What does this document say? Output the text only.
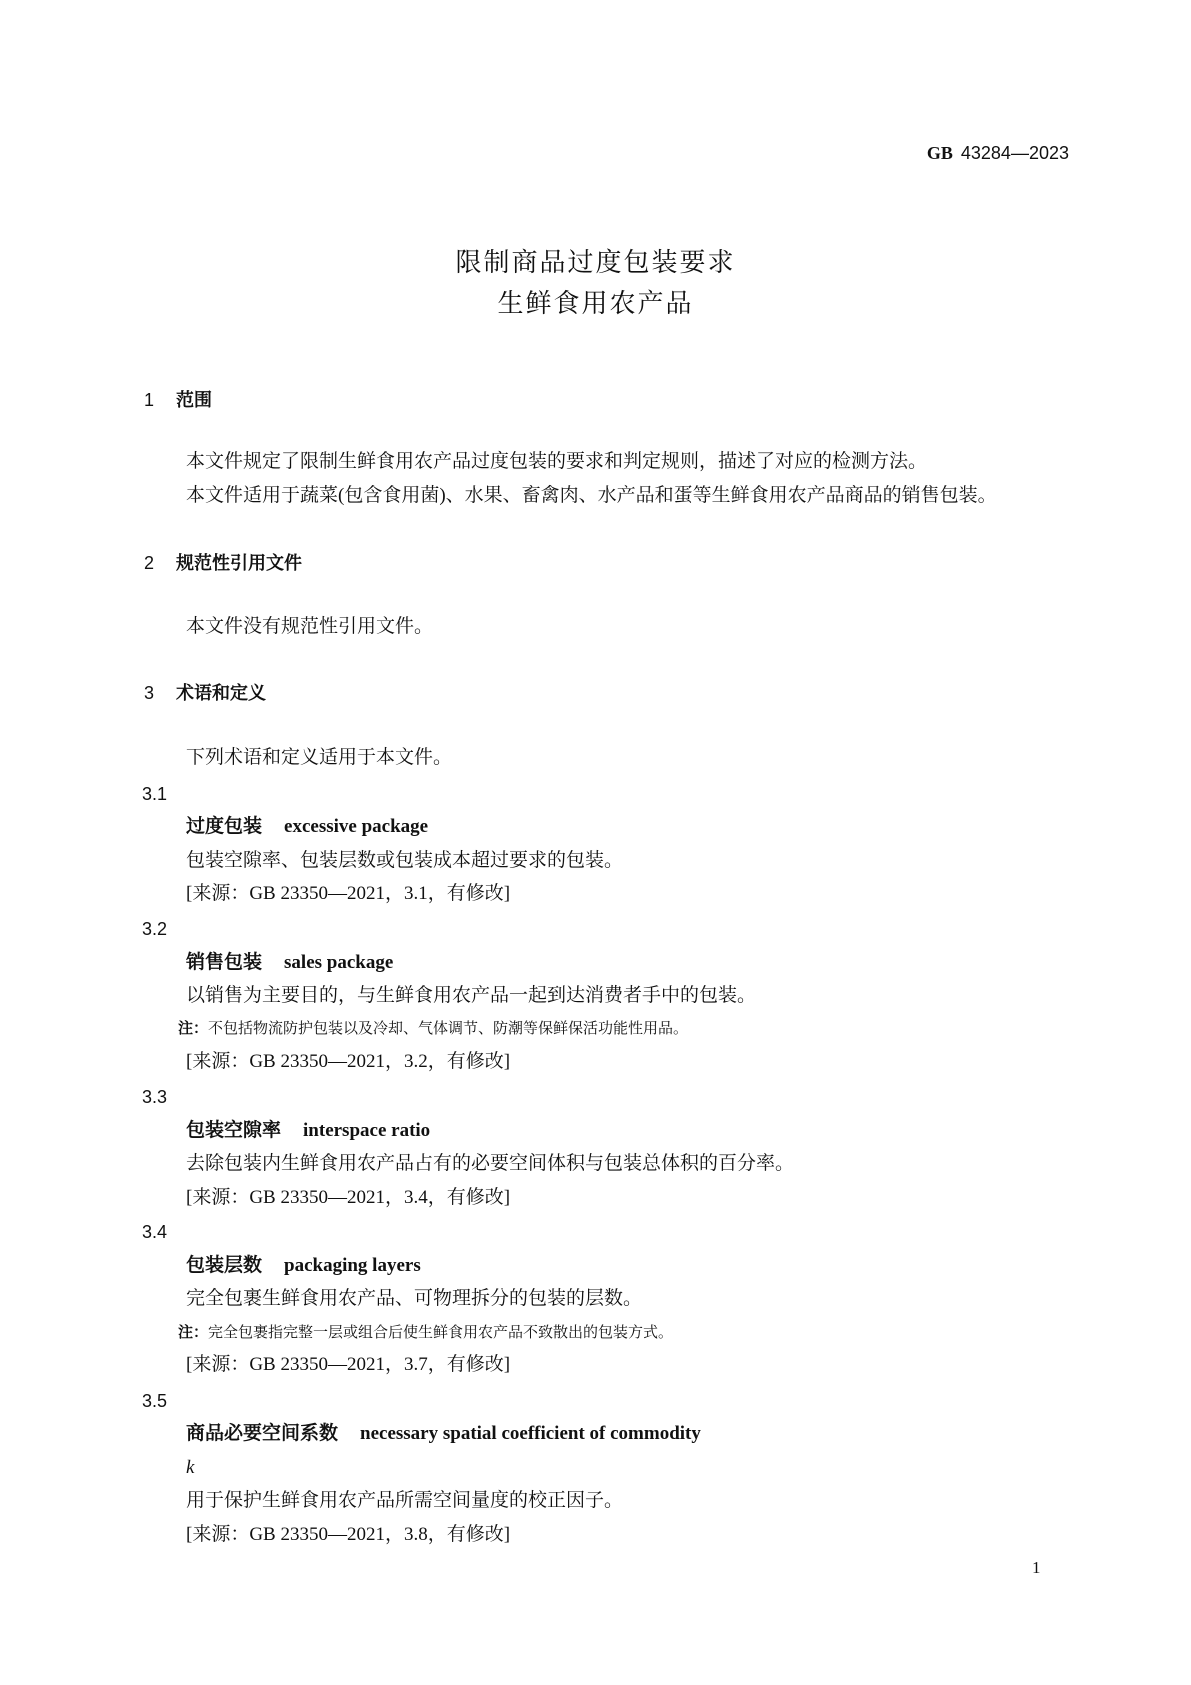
GB 43284—2023
限制商品过度包装要求
生鲜食用农产品
1 范围
本文件规定了限制生鲜食用农产品过度包装的要求和判定规则，描述了对应的检测方法。
本文件适用于蔬菜(包含食用菌)、水果、畜禽肉、水产品和蛋等生鲜食用农产品商品的销售包装。
2 规范性引用文件
本文件没有规范性引用文件。
3 术语和定义
下列术语和定义适用于本文件。
3.1
过度包装 excessive package
包装空隙率、包装层数或包装成本超过要求的包装。
[来源：GB 23350—2021，3.1，有修改]
3.2
销售包装 sales package
以销售为主要目的，与生鲜食用农产品一起到达消费者手中的包装。
注：不包括物流防护包装以及冷却、气体调节、防潮等保鲜保活功能性用品。
[来源：GB 23350—2021，3.2，有修改]
3.3
包装空隙率 interspace ratio
去除包装内生鲜食用农产品占有的必要空间体积与包装总体积的百分率。
[来源：GB 23350—2021，3.4，有修改]
3.4
包装层数 packaging layers
完全包裹生鲜食用农产品、可物理拆分的包装的层数。
注：完全包裹指完整一层或组合后使生鲜食用农产品不致散出的包装方式。
[来源：GB 23350—2021，3.7，有修改]
3.5
商品必要空间系数 necessary spatial coefficient of commodity
k
用于保护生鲜食用农产品所需空间量度的校正因子。
[来源：GB 23350—2021，3.8，有修改]
1
